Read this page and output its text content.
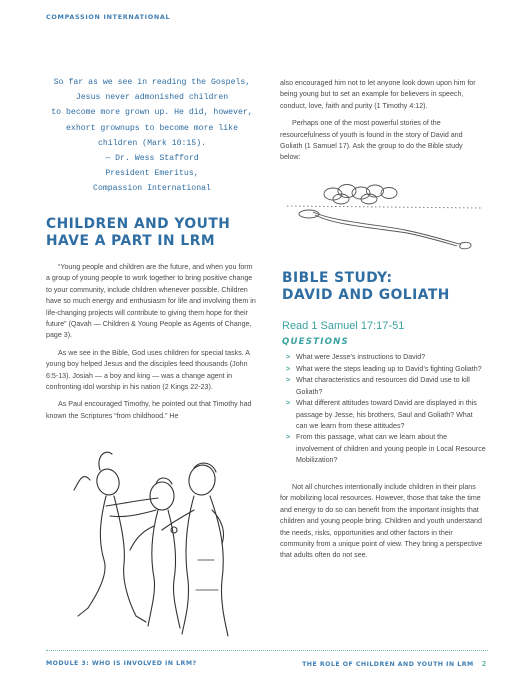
COMPASSION INTERNATIONAL
So far as we see in reading the Gospels,
Jesus never admonished children
to become more grown up. He did, however,
exhort grownups to become more like
children (Mark 10:15).
— Dr. Wess Stafford
President Emeritus,
Compassion International
CHILDREN AND YOUTH
HAVE A PART IN LRM

“Young people and children are the future, and when you form a group of young people to work together to bring positive change to your community, include children whenever possible. Children have so much energy and enthusiasm for life and involving them in life-changing projects will contribute to giving them hope for their future” (Qavah — Children & Young People as Agents of Change, page 3).

As we see in the Bible, God uses children for special tasks. A young boy helped Jesus and the disciples feed thousands (John 6:5-13). Josiah — a boy and king — was a change agent in confronting idol worship in his nation (2 Kings 22-23).

As Paul encouraged Timothy, he pointed out that Timothy had known the Scriptures “from childhood.” He

also encouraged him not to let anyone look down upon him for being young but to set an example for believers in speech, conduct, love, faith and purity (1 Timothy 4:12).

Perhaps one of the most powerful stories of the resourcefulness of youth is found in the story of David and Goliath (1 Samuel 17). Ask the group to do the Bible study below:

BIBLE STUDY:
DAVID AND GOLIATH
Read 1 Samuel 17:17-51
QUESTIONS
> What were Jesse’s instructions to David?
> What were the steps leading up to David’s fighting Goliath?
> What characteristics and resources did David use to kill Goliath?
> What different attitudes toward David are displayed in this passage by Jesse, his brothers, Saul and Goliath? What can we learn from these attitudes?
> From this passage, what can we learn about the involvement of children and young people in Local Resource Mobilization?

Not all churches intentionally include children in their plans for mobilizing local resources. However, those that take the time and energy to do so can benefit from the important insights that children and young people bring. Children and youth understand the needs, risks, opportunities and other factors in their community from a unique point of view. They bring a perspective that adults often do not see.

MODULE 3: WHO IS INVOLVED IN LRM?	THE ROLE OF CHILDREN AND YOUTH IN LRM 2
